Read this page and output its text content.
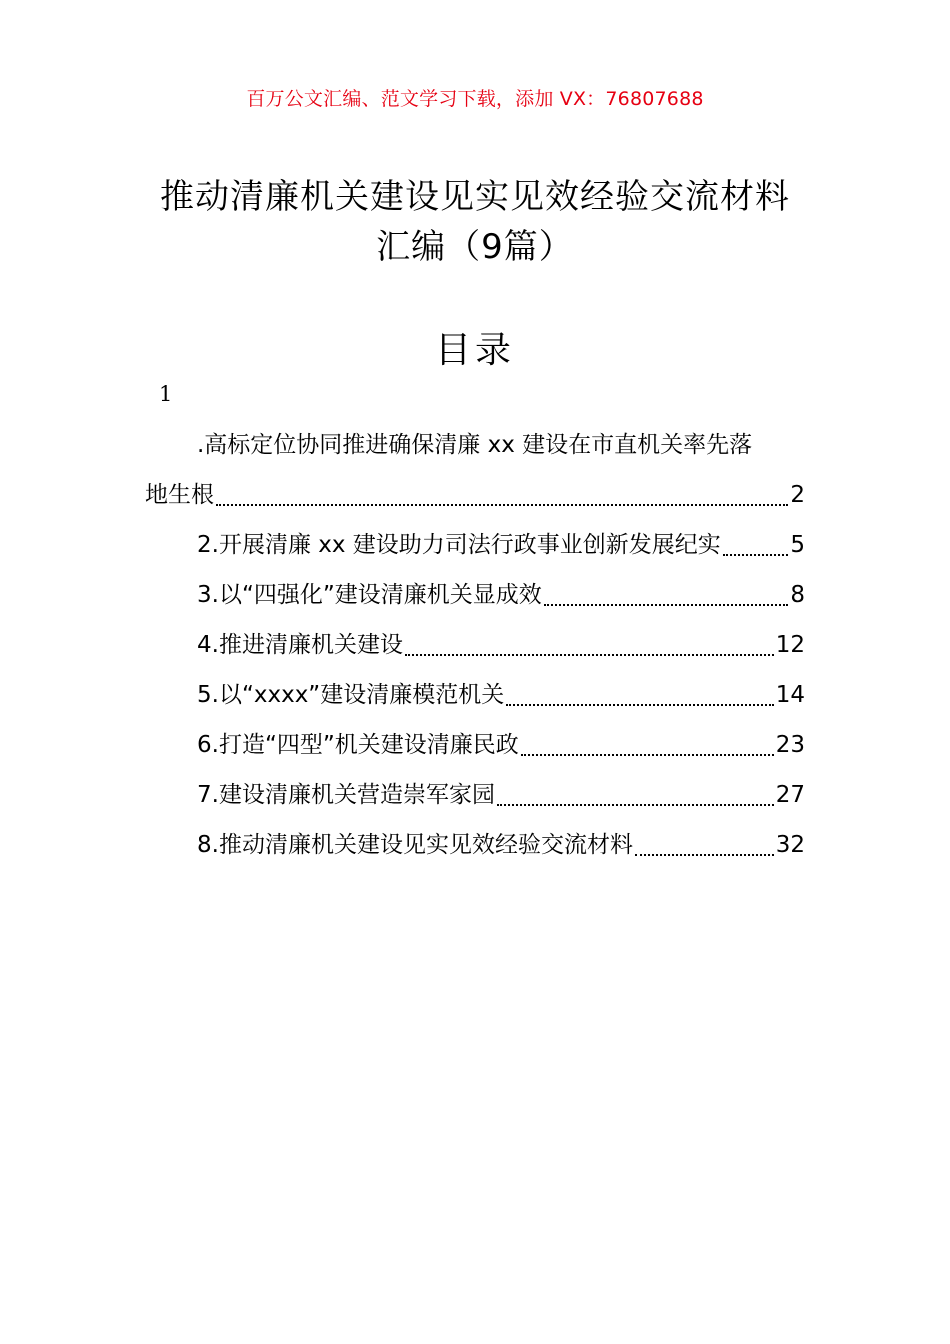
百万公文汇编、范文学习下载，添加 VX：76807688
推动清廉机关建设见实见效经验交流材料
汇编（9篇）
目录
1
.高标定位协同推进确保清廉 xx 建设在市直机关率先落
地生根	2
2.开展清廉 xx 建设助力司法行政事业创新发展纪实	5
3.以“四强化”建设清廉机关显成效	8
4.推进清廉机关建设	12
5.以“xxxx”建设清廉模范机关	14
6.打造“四型”机关建设清廉民政	23
7.建设清廉机关营造崇军家园	27
8.推动清廉机关建设见实见效经验交流材料	32
